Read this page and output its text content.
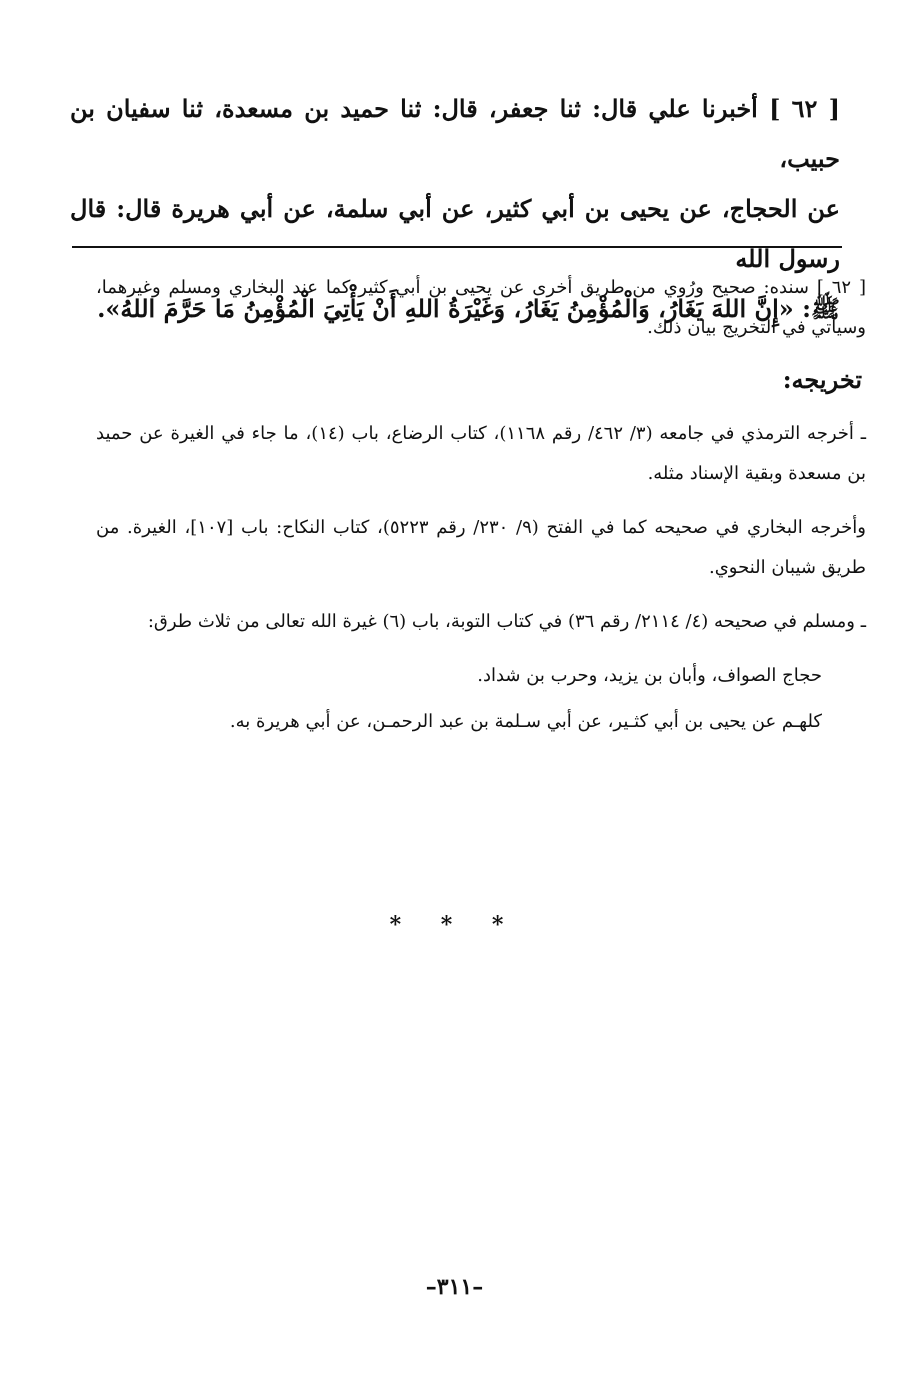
[ ٦٢ ] أخبرنا علي قال: ثنا جعفر، قال: ثنا حميد بن مسعدة، ثنا سفيان بن حبيب،

عن الحجاج، عن يحيى بن أبي كثير، عن أبي سلمة، عن أبي هريرة قال: قال رسول الله

ﷺ: «إِنَّ اللهَ يَغَارُ، وَالْمُؤْمِنُ يَغَارُ، وَغَيْرَةُ اللهِ أَنْ يَأْتِيَ الْمُؤْمِنُ مَا حَرَّمَ اللهُ».

[ ٦٢ ] سنده: صحيح ورُوي من طريق أخرى عن يحيى بن أبي كثير كما عند البخاري ومسلم وغيرهما، وسيأتي في التخريج بيان ذلك.

تخريجه:

ـ أخرجه الترمذي في جامعه (٣/ ٤٦٢/ رقم ١١٦٨)، كتاب الرضاع، باب (١٤)، ما جاء في الغيرة عن حميد بن مسعدة وبقية الإسناد مثله.

وأخرجه البخاري في صحيحه كما في الفتح (٩/ ٢٣٠/ رقم ٥٢٢٣)، كتاب النكاح: باب [١٠٧]، الغيرة. من طريق شيبان النحوي.

ـ ومسلم في صحيحه (٤/ ٢١١٤/ رقم ٣٦) في كتاب التوبة، باب (٦) غيرة الله تعالى من ثلاث طرق:

حجاج الصواف، وأبان بن يزيد، وحرب بن شداد.

كلهـم عن يحيى بن أبي كثـير، عن أبي سـلمة بن عبد الرحمـن، عن أبي هريرة به.

* * *
–٣١١–
